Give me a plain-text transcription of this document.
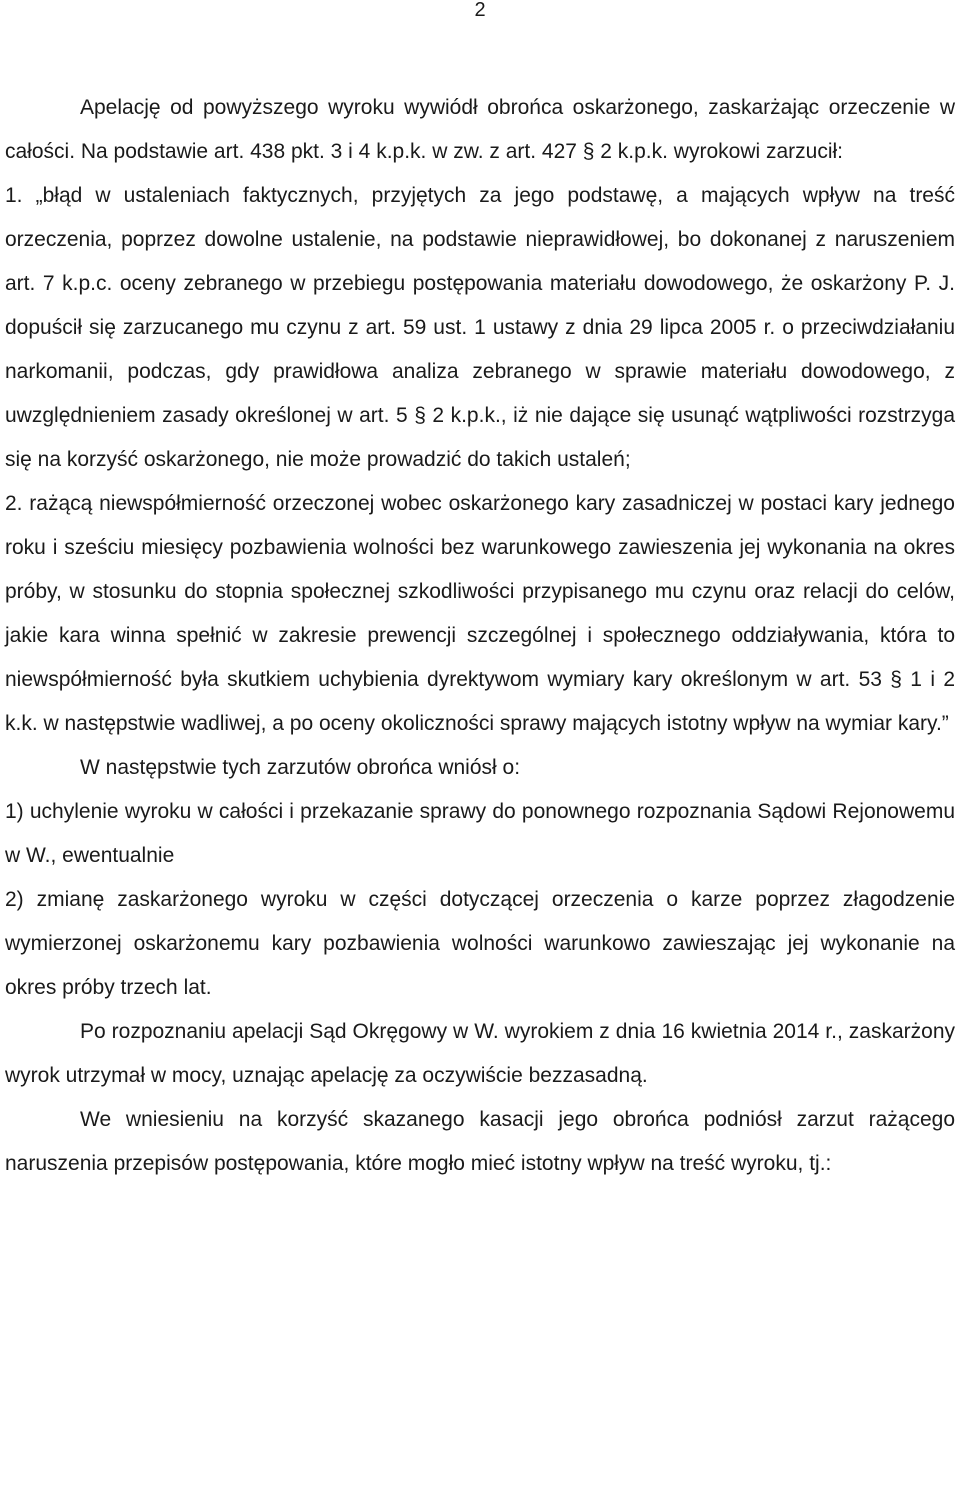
2

Apelację od powyższego wyroku wywiódł obrońca oskarżonego, zaskarżając orzeczenie w całości. Na podstawie art. 438 pkt. 3 i 4 k.p.k. w zw. z art. 427 § 2 k.p.k. wyrokowi zarzucił:

1. „błąd w ustaleniach faktycznych, przyjętych za jego podstawę, a mających wpływ na treść orzeczenia, poprzez dowolne ustalenie, na podstawie nieprawidłowej, bo dokonanej z naruszeniem art. 7 k.p.c. oceny zebranego w przebiegu postępowania materiału dowodowego, że oskarżony P. J. dopuścił się zarzucanego mu czynu z art. 59 ust. 1 ustawy z dnia 29 lipca 2005 r. o przeciwdziałaniu narkomanii, podczas, gdy prawidłowa analiza zebranego w sprawie materiału dowodowego, z uwzględnieniem zasady określonej w art. 5 § 2 k.p.k., iż nie dające się usunąć wątpliwości rozstrzyga się na korzyść oskarżonego, nie może prowadzić do takich ustaleń;

2. rażącą niewspółmierność orzeczonej wobec oskarżonego kary zasadniczej w postaci kary jednego roku i sześciu miesięcy pozbawienia wolności bez warunkowego zawieszenia jej wykonania na okres próby, w stosunku do stopnia społecznej szkodliwości przypisanego mu czynu oraz relacji do celów, jakie kara winna spełnić w zakresie prewencji szczególnej i społecznego oddziaływania, która to niewspółmierność była skutkiem uchybienia dyrektywom wymiary kary określonym w art. 53 § 1 i 2 k.k. w następstwie wadliwej, a po oceny okoliczności sprawy mających istotny wpływ na wymiar kary.”

W następstwie tych zarzutów obrońca wniósł o:

1) uchylenie wyroku w całości i przekazanie sprawy do ponownego rozpoznania Sądowi Rejonowemu w W., ewentualnie

2) zmianę zaskarżonego wyroku w części dotyczącej orzeczenia o karze poprzez złagodzenie wymierzonej oskarżonemu kary pozbawienia wolności warunkowo zawieszając jej wykonanie na okres próby trzech lat.

Po rozpoznaniu apelacji Sąd Okręgowy w W. wyrokiem z dnia 16 kwietnia 2014 r., zaskarżony wyrok utrzymał w mocy, uznając apelację za oczywiście bezzasadną.

We wniesieniu na korzyść skazanego kasacji jego obrońca podniósł zarzut rażącego naruszenia przepisów postępowania, które mogło mieć istotny wpływ na treść wyroku, tj.:
